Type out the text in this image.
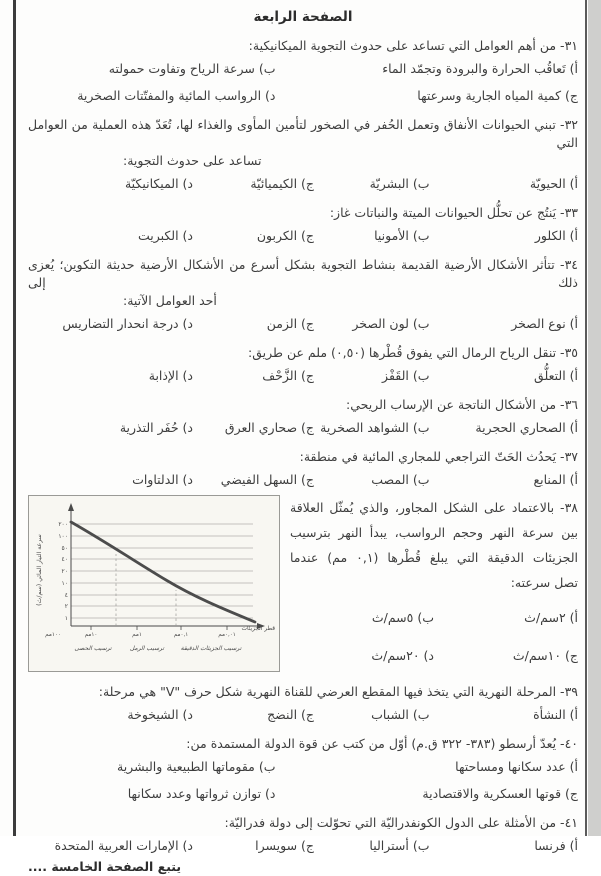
الصفحة الرابعة
٣١- من أهم العوامل التي تساعد على حدوث التجوية الميكانيكية:
أ) تَعاقُب الحرارة والبرودة وتجمّد الماء
ب) سرعة الرياح وتفاوت حمولته
ج) كمية المياه الجارية وسرعتها
د) الرواسب المائية والمفتّتات الصخرية
٣٢- تبني الحيوانات الأنفاق وتعمل الحُفر في الصخور لتأمين المأوى والغذاء لها، تُعَدّ هذه العملية من العوامل التي
تساعد على حدوث التجوية:
أ) الحيويّة
ب) البشريّة
ج) الكيميائيّة
د) الميكانيكيّة
٣٣- يَنتُج عن تحلُّل الحيوانات الميتة والنباتات غاز:
أ) الكلور
ب) الأمونيا
ج) الكربون
د) الكبريت
٣٤- تتأثر الأشكال الأرضية القديمة بنشاط التجوية بشكل أسرع من الأشكال الأرضية حديثة التكوين؛ يُعزى ذلك إلى
أحد العوامل الآتية:
أ) نوع الصخر
ب) لون الصخر
ج) الزمن
د) درجة انحدار التضاريس
٣٥- تنقل الرياح الرمال التي يفوق قُطْرها (٠,٥٠) ملم عن طريق:
أ) التعلُّق
ب) القَفْز
ج) الزَّحْف
د) الإذابة
٣٦- من الأشكال الناتجة عن الإرساب الريحي:
أ) الصحاري الحجرية
ب) الشواهد الصخرية
ج) صحاري العرق
د) حُفَر التذرية
٣٧- يَحدُث الحَتّ التراجعي للمجاري المائية في منطقة:
أ) المنابع
ب) المصب
ج) السهل الفيضي
د) الدلتاوات
٣٨- بالاعتماد على الشكل المجاور، والذي يُمثّل العلاقة
بين سرعة النهر وحجم الرواسب، يبدأ النهر بترسيب
الجزيئات الدقيقة التي يبلغ قُطْرها (٠,١ مم) عندما
تصل سرعته:
أ) ٢سم/ث
ب) ٥سم/ث
ج) ١٠سم/ث
د) ٢٠سم/ث
٢٠٠
١٠٠
٥٠
٤٠
٢٠
١٠
٤
٢
١
١٠٠مم	١٠مم	١مم	٠,١مم	٠,٠١مم
ترسيب الحصى	ترسيب الرمل	ترسيب الجزيئات الدقيقة
قطر الجزيئات
سرعة التيار المائي (سم/ث)
٣٩- المرحلة النهرية التي يتخذ فيها المقطع العرضي للقناة النهرية شكل حرف "V" هي مرحلة:
أ) النشأة
ب) الشباب
ج) النضج
د) الشيخوخة
٤٠- يُعدّ أرسطو (٣٨٣- ٣٢٢ ق.م) أوّل من كتب عن قوة الدولة المستمدة من:
أ) عدد سكانها ومساحتها
ب) مقوماتها الطبيعية والبشرية
ج) قوتها العسكرية والاقتصادية
د) توازن ثرواتها وعدد سكانها
٤١- من الأمثلة على الدول الكونفدراليّة التي تحوّلت إلى دولة فدراليّة:
أ) فرنسا
ب) أستراليا
ج) سويسرا
د) الإمارات العربية المتحدة
يتبع الصفحة الخامسة ....
